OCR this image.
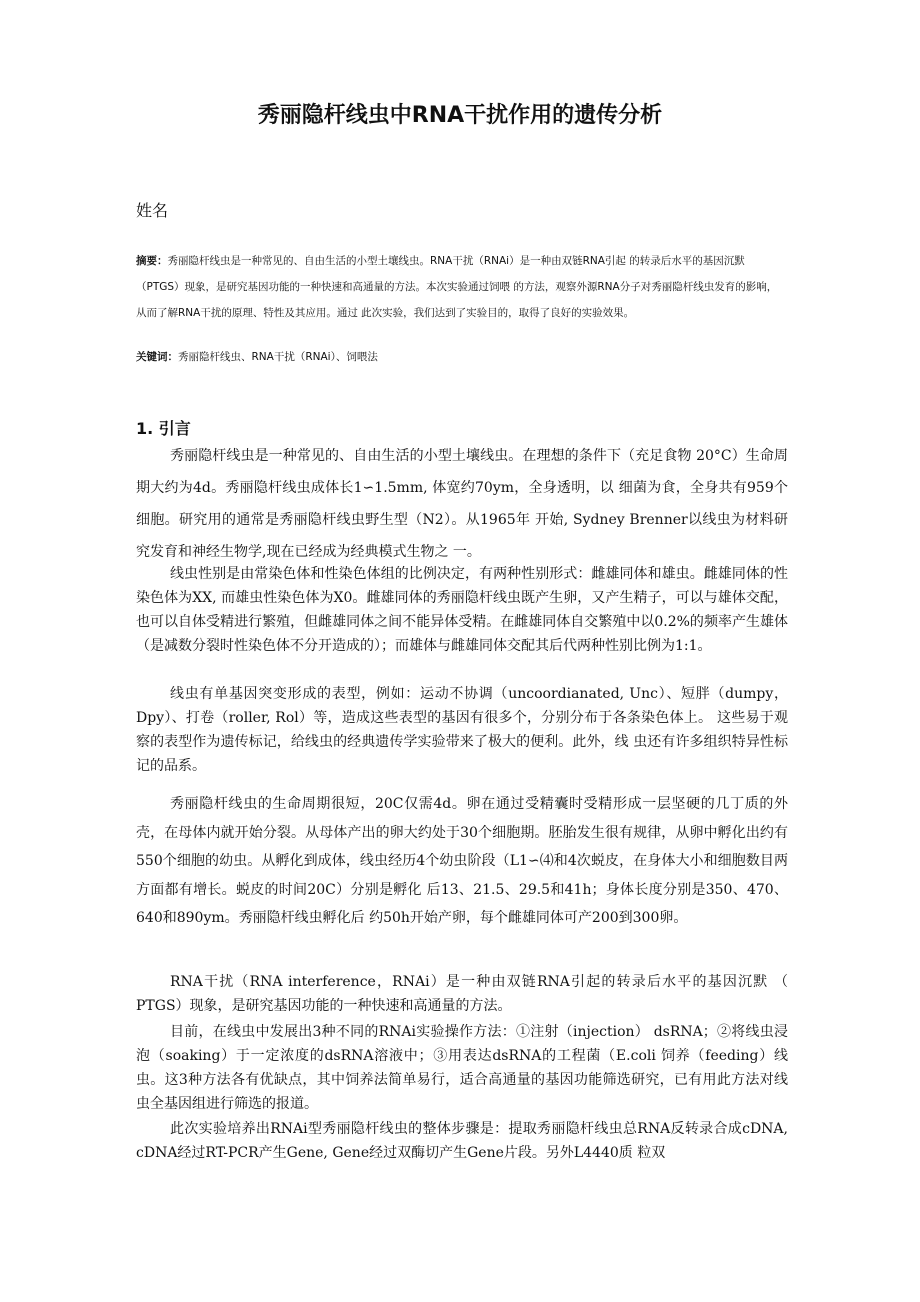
秀丽隐杆线虫中RNA干扰作用的遗传分析

姓名

摘要：秀丽隐杆线虫是一种常见的、自由生活的小型土壤线虫。RNA干扰（RNAi）是一种由双链RNA引起 的转录后水平的基因沉默（PTGS）现象，是研究基因功能的一种快速和高通量的方法。本次实验通过饲喂 的方法，观察外源RNA分子对秀丽隐杆线虫发育的影响，从而了解RNA干扰的原理、特性及其应用。通过 此次实验，我们达到了实验目的，取得了良好的实验效果。

关键词：秀丽隐杆线虫、RNA干扰（RNAi）、饲喂法

1. 引言

秀丽隐杆线虫是一种常见的、自由生活的小型土壤线虫。在理想的条件下（充足食物 20°C）生命周期大约为4d。秀丽隐杆线虫成体长1∽1.5mm, 体宽约70ym，全身透明，以 细菌为食，全身共有959个细胞。研究用的通常是秀丽隐杆线虫野生型（N2）。从1965年 开始, Sydney Brenner以线虫为材料研究发育和神经生物学,现在已经成为经典模式生物之 一。

线虫性别是由常染色体和性染色体组的比例决定，有两种性别形式：雌雄同体和雄虫。雌雄同体的性染色体为XX, 而雄虫性染色体为X0。雌雄同体的秀丽隐杆线虫既产生卵，又产生精子，可以与雄体交配，也可以自体受精进行繁殖，但雌雄同体之间不能异体受精。在雌雄同体自交繁殖中以0.2%的频率产生雄体（是减数分裂时性染色体不分开造成的）；而雄体与雌雄同体交配其后代两种性别比例为1:1。

线虫有单基因突变形成的表型，例如：运动不协调（uncoordianated, Unc）、短胖（dumpy， Dpy）、打卷（roller, Rol）等，造成这些表型的基因有很多个，分别分布于各条染色体上。 这些易于观察的表型作为遗传标记，给线虫的经典遗传学实验带来了极大的便利。此外，线 虫还有许多组织特异性标记的品系。

秀丽隐杆线虫的生命周期很短，20C仅需4d。卵在通过受精囊时受精形成一层坚硬的几丁质的外壳，在母体内就开始分裂。从母体产出的卵大约处于30个细胞期。胚胎发生很有规律，从卵中孵化出约有550个细胞的幼虫。从孵化到成体，线虫经历4个幼虫阶段（L1∽⑷和4次蜕皮，在身体大小和细胞数目两方面都有增长。蜕皮的时间20C）分别是孵化 后13、21.5、29.5和41h；身体长度分别是350、470、640和890ym。秀丽隐杆线虫孵化后 约50h开始产卵，每个雌雄同体可产200到300卵。

RNA干扰（RNA interference，RNAi）是一种由双链RNA引起的转录后水平的基因沉默 （ PTGS）现象，是研究基因功能的一种快速和高通量的方法。

目前，在线虫中发展出3种不同的RNAi实验操作方法：①注射（injection） dsRNA；②将线虫浸泡（soaking）于一定浓度的dsRNA溶液中；③用表达dsRNA的工程菌（E.coli 饲养（feeding）线虫。这3种方法各有优缺点，其中饲养法简单易行，适合高通量的基因功能筛选研究，已有用此方法对线虫全基因组进行筛选的报道。

此次实验培养出RNAi型秀丽隐杆线虫的整体步骤是：提取秀丽隐杆线虫总RNA反转录合成cDNA, cDNA经过RT-PCR产生Gene, Gene经过双酶切产生Gene片段。另外L4440质 粒双
